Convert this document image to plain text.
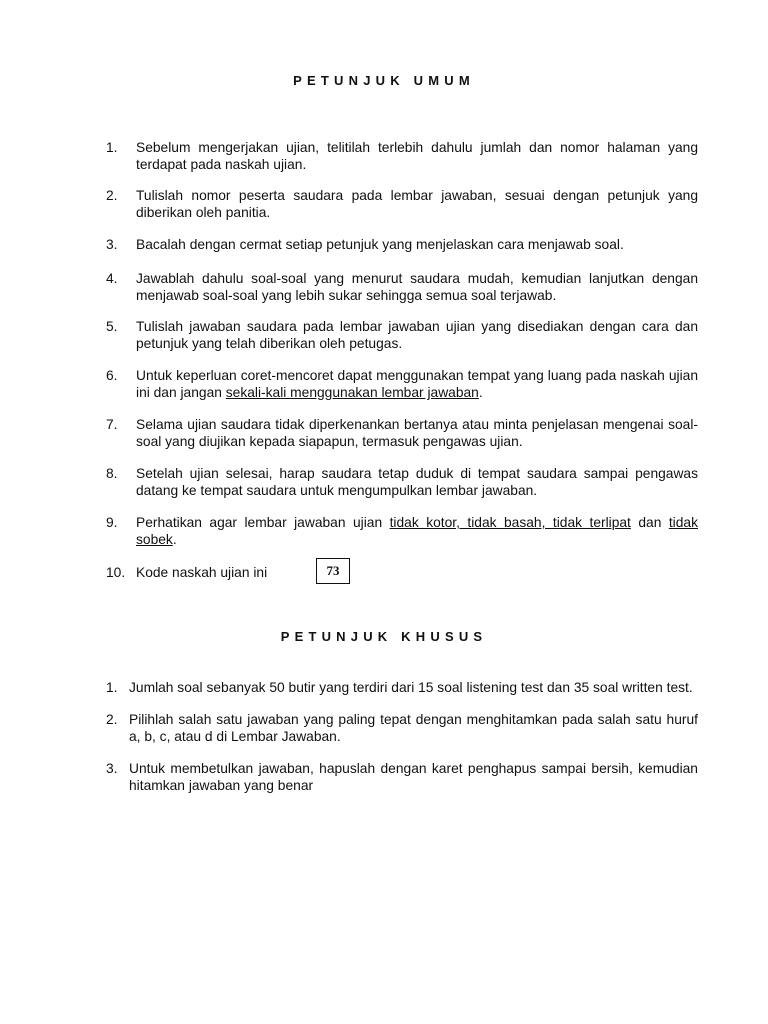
PETUNJUK UMUM
1. Sebelum mengerjakan ujian, telitilah terlebih dahulu jumlah dan nomor halaman yang terdapat pada naskah ujian.
2. Tulislah nomor peserta saudara pada lembar jawaban, sesuai dengan petunjuk yang diberikan oleh panitia.
3. Bacalah dengan cermat setiap petunjuk yang menjelaskan cara menjawab soal.
4. Jawablah dahulu soal-soal yang menurut saudara mudah, kemudian lanjutkan dengan menjawab soal-soal yang lebih sukar sehingga semua soal terjawab.
5. Tulislah jawaban saudara pada lembar jawaban ujian yang disediakan dengan cara dan petunjuk yang telah diberikan oleh petugas.
6. Untuk keperluan coret-mencoret dapat menggunakan tempat yang luang pada naskah ujian ini dan jangan sekali-kali menggunakan lembar jawaban.
7. Selama ujian saudara tidak diperkenankan bertanya atau minta penjelasan mengenai soal-soal yang diujikan kepada siapapun, termasuk pengawas ujian.
8. Setelah ujian selesai, harap saudara tetap duduk di tempat saudara sampai pengawas datang ke tempat saudara untuk mengumpulkan lembar jawaban.
9. Perhatikan agar lembar jawaban ujian tidak kotor, tidak basah, tidak terlipat dan tidak sobek.
10. Kode naskah ujian ini	73
PETUNJUK KHUSUS
1. Jumlah soal sebanyak 50 butir yang terdiri dari 15 soal listening test dan 35 soal written test.
2. Pilihlah salah satu jawaban yang paling tepat dengan menghitamkan pada salah satu huruf a, b, c, atau d di Lembar Jawaban.
3. Untuk membetulkan jawaban, hapuslah dengan karet penghapus sampai bersih, kemudian hitamkan jawaban yang benar
